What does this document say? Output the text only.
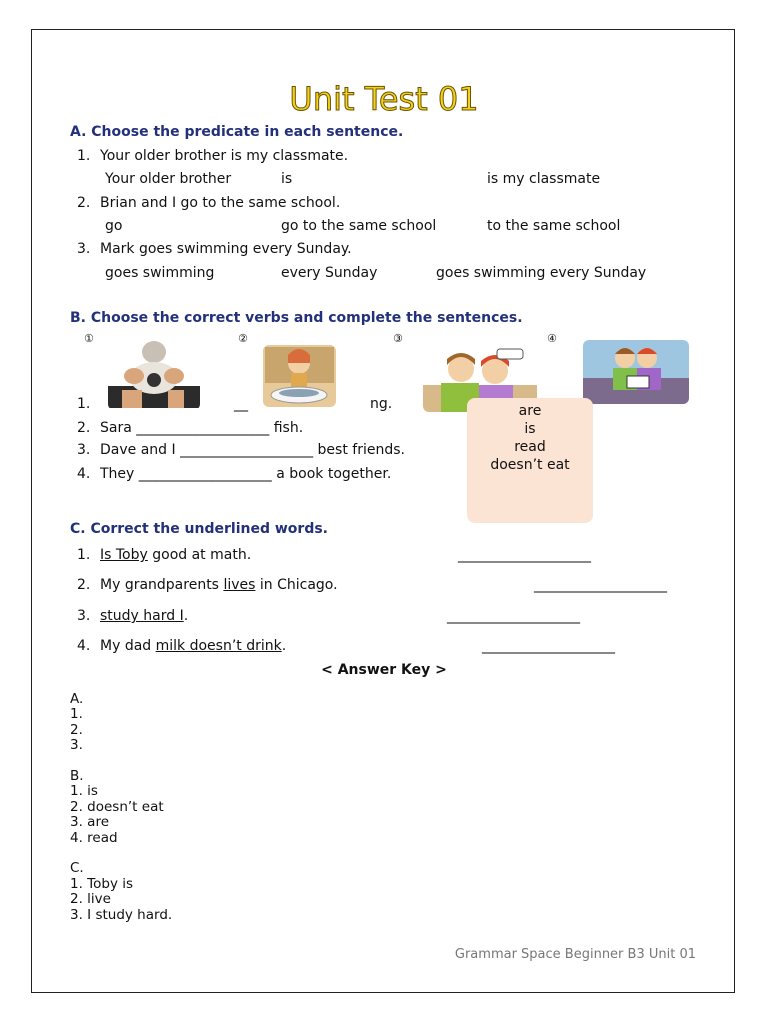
Unit Test 01
A. Choose the predicate in each sentence.
1. Your older brother is my classmate.
Your older brother	is	is my classmate
2. Brian and I go to the same school.
go	go to the same school	to the same school
3. Mark goes swimming every Sunday.
goes swimming	every Sunday	goes swimming every Sunday
B. Choose the correct verbs and complete the sentences.
①	②	③	④
1.	__	ng.
2. Sara ___________________ fish.
3. Dave and I ___________________ best friends.
4. They ___________________ a book together.
are
is
read
doesn’t eat
C. Correct the underlined words.
1. Is Toby good at math.	___________________
2. My grandparents lives in Chicago.	___________________
3. study hard I.	___________________
4. My dad milk doesn’t drink.	___________________
< Answer Key >
A.
1.
2.
3.
B.
1. is
2. doesn’t eat
3. are
4. read
C.
1. Toby is
2. live
3. I study hard.
Grammar Space Beginner B3 Unit 01
